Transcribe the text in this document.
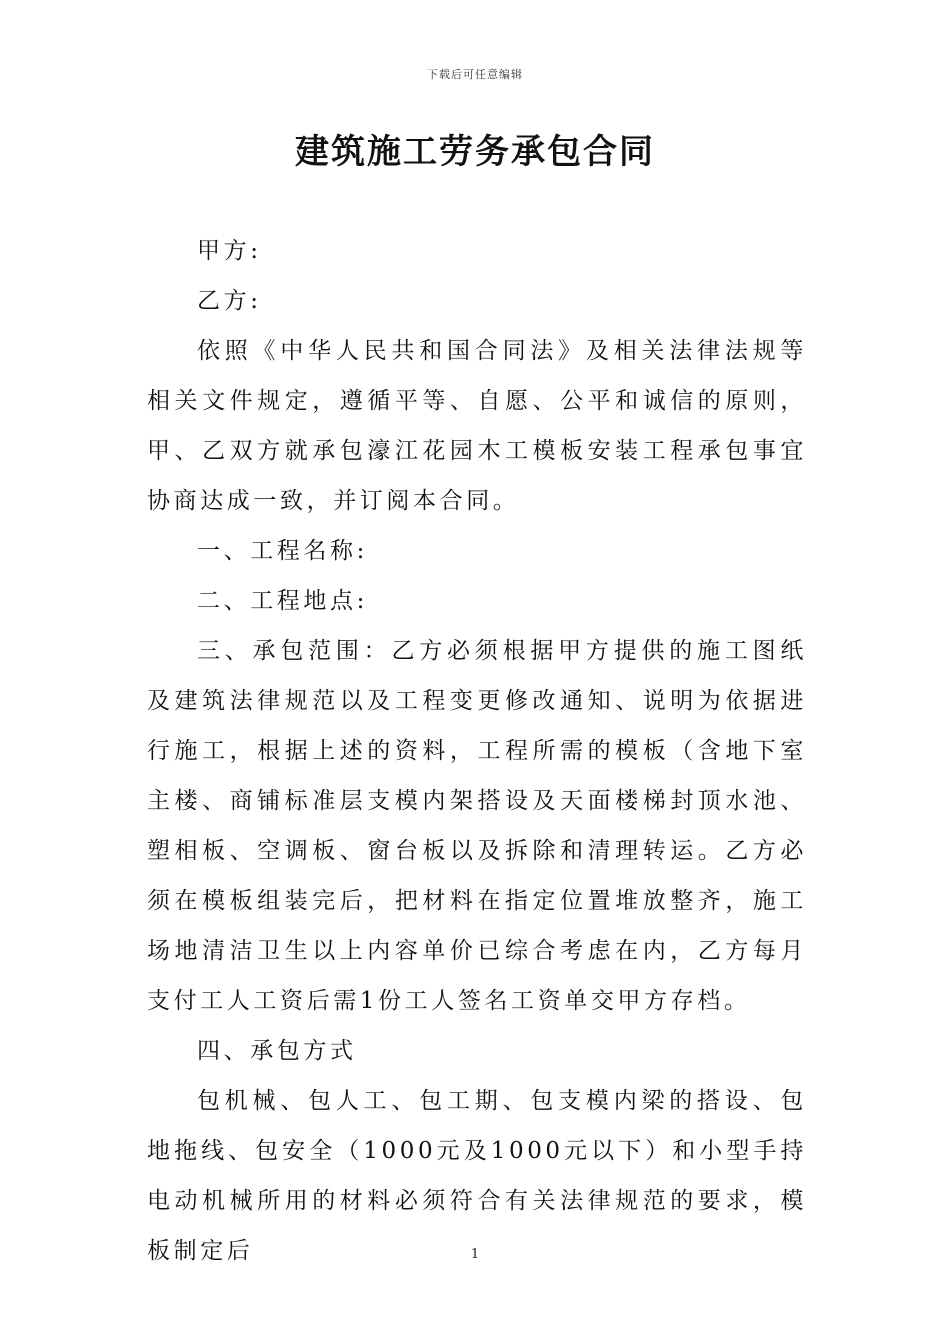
下载后可任意编辑
建筑施工劳务承包合同

甲方:

乙方:

依照《中华人民共和国合同法》及相关法律法规等相关文件规定，遵循平等、自愿、公平和诚信的原则，甲、乙双方就承包濠江花园木工模板安装工程承包事宜协商达成一致，并订阅本合同。

一、工程名称:

二、工程地点:

三、承包范围：乙方必须根据甲方提供的施工图纸及建筑法律规范以及工程变更修改通知、说明为依据进行施工，根据上述的资料，工程所需的模板（含地下室主楼、商铺标准层支模内架搭设及天面楼梯封顶水池、塑相板、空调板、窗台板以及拆除和清理转运。乙方必须在模板组装完后，把材料在指定位置堆放整齐，施工场地清洁卫生以上内容单价已综合考虑在内，乙方每月支付工人工资后需1份工人签名工资单交甲方存档。

四、承包方式

包机械、包人工、包工期、包支模内梁的搭设、包地拖线、包安全（1000元及1000元以下）和小型手持电动机械所用的材料必须符合有关法律规范的要求，模板制定后	1
